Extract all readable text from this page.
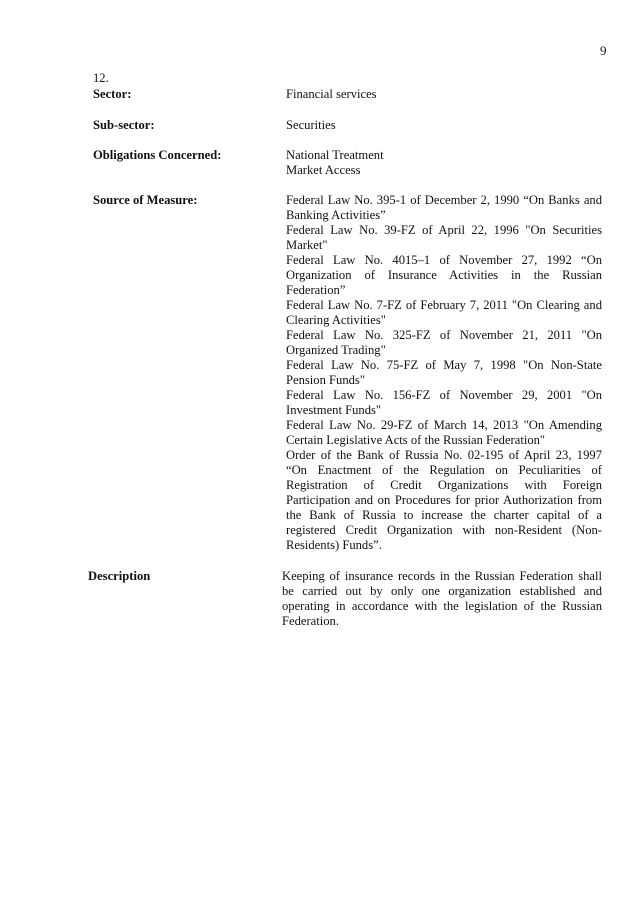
9
12.
Sector:	Financial services
Sub-sector:	Securities
Obligations Concerned:	National Treatment
Market Access
Source of Measure:	Federal Law No. 395-1 of December 2, 1990 “On Banks and Banking Activities”
Federal Law No. 39-FZ of April 22, 1996 "On Securities Market"
Federal Law No. 4015–1 of November 27, 1992 “On Organization of Insurance Activities in the Russian Federation”
Federal Law No. 7-FZ of February 7, 2011 "On Clearing and Clearing Activities"
Federal Law No. 325-FZ of November 21, 2011 "On Organized Trading"
Federal Law No. 75-FZ of May 7, 1998 "On Non-State Pension Funds"
Federal Law No. 156-FZ of November 29, 2001 "On Investment Funds"
Federal Law No. 29-FZ of March 14, 2013 "On Amending Certain Legislative Acts of the Russian Federation"
Order of the Bank of Russia No. 02-195 of April 23, 1997 “On Enactment of the Regulation on Peculiarities of Registration of Credit Organizations with Foreign Participation and on Procedures for prior Authorization from the Bank of Russia to increase the charter capital of a registered Credit Organization with non-Resident (Non-Residents) Funds”.
Description	Keeping of insurance records in the Russian Federation shall be carried out by only one organization established and operating in accordance with the legislation of the Russian Federation.
